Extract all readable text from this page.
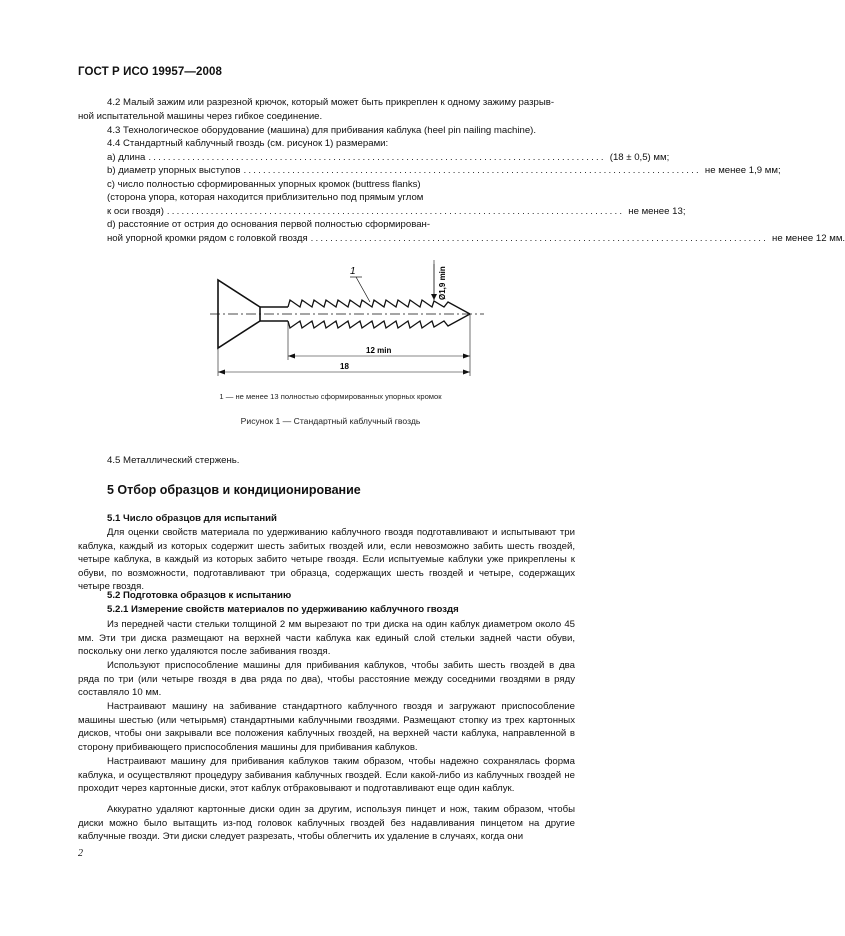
ГОСТ Р ИСО 19957—2008
4.2 Малый зажим или разрезной крючок, который может быть прикреплен к одному зажиму разрыв-
ной испытательной машины через гибкое соединение.
4.3 Технологическое оборудование (машина) для прибивания каблука (heel pin nailing machine).
4.4 Стандартный каблучный гвоздь (см. рисунок 1) размерами:
а) длина .............................................................................................. (18 ± 0,5) мм;
b) диаметр упорных выступов .............................................................................................. не менее 1,9 мм;
c) число полностью сформированных упорных кромок (buttress flanks)
(сторона упора, которая находится приблизительно под прямым углом
к оси гвоздя) .............................................................................................. не менее 13;
d) расстояние от острия до основания первой полностью сформирован-
ной упорной кромки рядом с головкой гвоздя .............................................................................................. не менее 12 мм.
Ø1,9 min
1
12 min
18
1 — не менее 13 полностью сформированных упорных кромок
Рисунок 1 — Стандартный каблучный гвоздь
4.5 Металлический стержень.
5 Отбор образцов и кондиционирование
5.1 Число образцов для испытаний
Для оценки свойств материала по удерживанию каблучного гвоздя подготавливают и испытывают три каблука, каждый из которых содержит шесть забитых гвоздей или, если невозможно забить шесть гвоздей, четыре каблука, в каждый из которых забито четыре гвоздя. Если испытуемые каблуки уже прикреплены к обуви, по возможности, подготавливают три образца, содержащих шесть гвоздей и четыре, содержащих четыре гвоздя.
5.2 Подготовка образцов к испытанию
5.2.1 Измерение свойств материалов по удерживанию каблучного гвоздя
Из передней части стельки толщиной 2 мм вырезают по три диска на один каблук диаметром около 45 мм. Эти три диска размещают на верхней части каблука как единый слой стельки задней части обуви, поскольку они легко удаляются после забивания гвоздя.
Используют приспособление машины для прибивания каблуков, чтобы забить шесть гвоздей в два ряда по три (или четыре гвоздя в два ряда по два), чтобы расстояние между соседними гвоздями в ряду составляло 10 мм.
Настраивают машину на забивание стандартного каблучного гвоздя и загружают приспособление машины шестью (или четырьмя) стандартными каблучными гвоздями. Размещают стопку из трех картонных дисков, чтобы они закрывали все положения каблучных гвоздей, на верхней части каблука, направленной в сторону прибивающего приспособления машины для прибивания каблуков.
Настраивают машину для прибивания каблуков таким образом, чтобы надежно сохранялась форма каблука, и осуществляют процедуру забивания каблучных гвоздей. Если какой-либо из каблучных гвоздей не проходит через картонные диски, этот каблук отбраковывают и подготавливают еще один каблук.
Аккуратно удаляют картонные диски один за другим, используя пинцет и нож, таким образом, чтобы диски можно было вытащить из-под головок каблучных гвоздей без надавливания пинцетом на другие каблучные гвозди. Эти диски следует разрезать, чтобы облегчить их удаление в случаях, когда они
2
